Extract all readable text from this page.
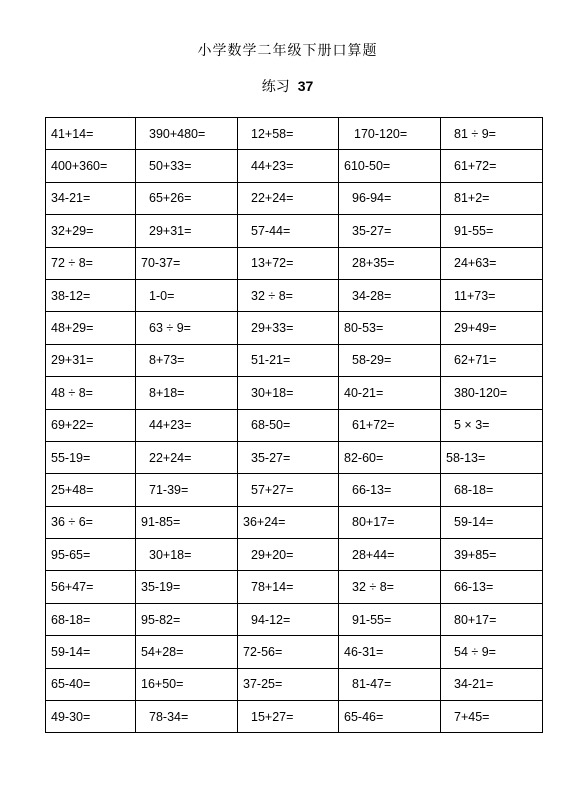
小学数学二年级下册口算题
练习 37
41+14=	390+480=	12+58=	170-120=	81 ÷ 9=
400+360=	50+33=	44+23=	610-50=	61+72=
34-21=	65+26=	22+24=	96-94=	81+2=
32+29=	29+31=	57-44=	35-27=	91-55=
72 ÷ 8=	70-37=	13+72=	28+35=	24+63=
38-12=	1-0=	32 ÷ 8=	34-28=	11+73=
48+29=	63 ÷ 9=	29+33=	80-53=	29+49=
29+31=	8+73=	51-21=	58-29=	62+71=
48 ÷ 8=	8+18=	30+18=	40-21=	380-120=
69+22=	44+23=	68-50=	61+72=	5 × 3=
55-19=	22+24=	35-27=	82-60=	58-13=
25+48=	71-39=	57+27=	66-13=	68-18=
36 ÷ 6=	91-85=	36+24=	80+17=	59-14=
95-65=	30+18=	29+20=	28+44=	39+85=
56+47=	35-19=	78+14=	32 ÷ 8=	66-13=
68-18=	95-82=	94-12=	91-55=	80+17=
59-14=	54+28=	72-56=	46-31=	54 ÷ 9=
65-40=	16+50=	37-25=	81-47=	34-21=
49-30=	78-34=	15+27=	65-46=	7+45=
